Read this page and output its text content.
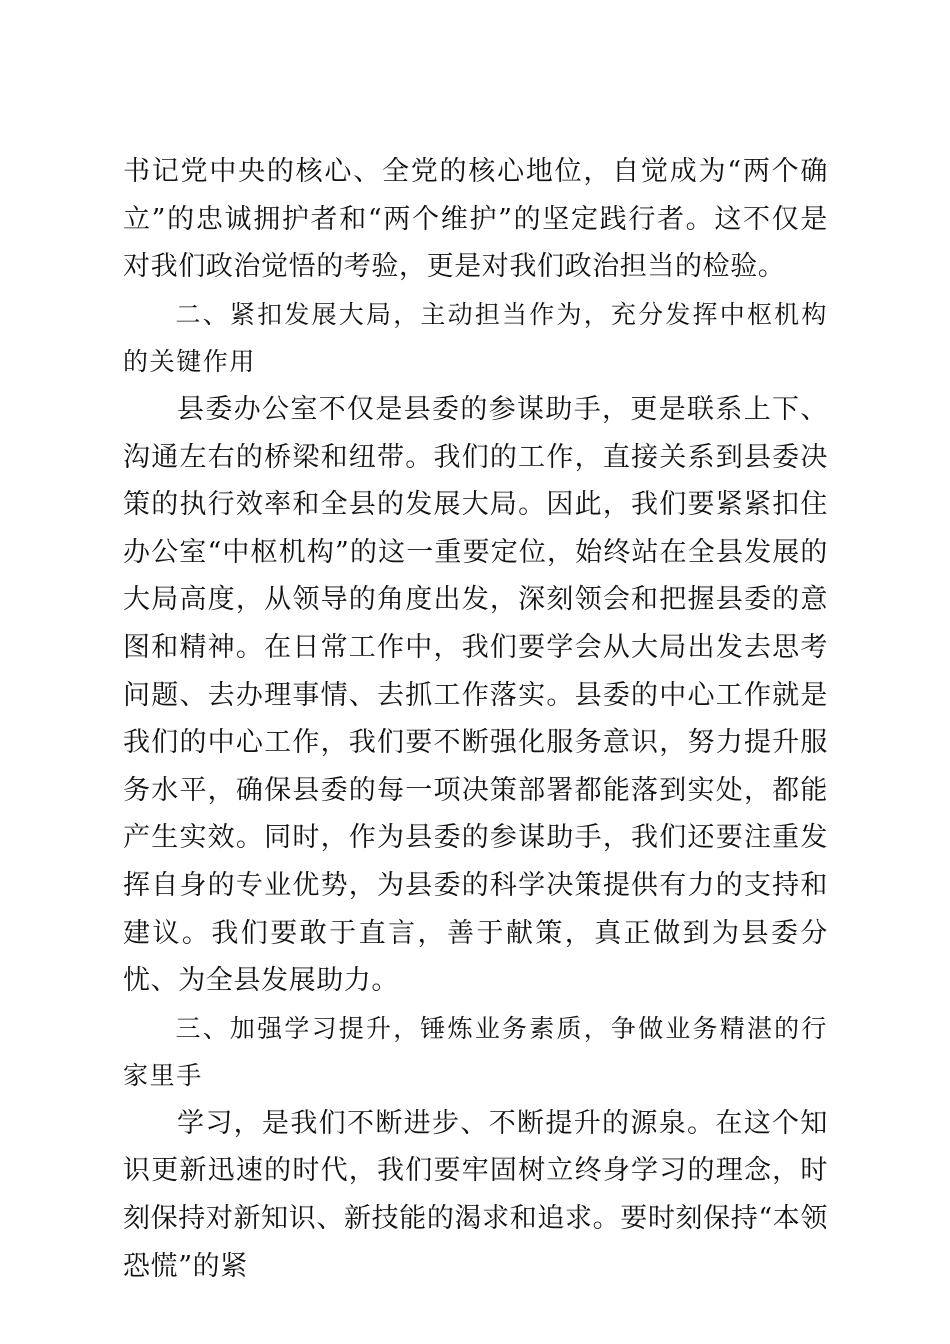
书记党中央的核心、全党的核心地位，自觉成为“两个确立”的忠诚拥护者和“两个维护”的坚定践行者。这不仅是对我们政治觉悟的考验，更是对我们政治担当的检验。

二、紧扣发展大局，主动担当作为，充分发挥中枢机构的关键作用

县委办公室不仅是县委的参谋助手，更是联系上下、沟通左右的桥梁和纽带。我们的工作，直接关系到县委决策的执行效率和全县的发展大局。因此，我们要紧紧扣住办公室“中枢机构”的这一重要定位，始终站在全县发展的大局高度，从领导的角度出发，深刻领会和把握县委的意图和精神。在日常工作中，我们要学会从大局出发去思考问题、去办理事情、去抓工作落实。县委的中心工作就是我们的中心工作，我们要不断强化服务意识，努力提升服务水平，确保县委的每一项决策部署都能落到实处，都能产生实效。同时，作为县委的参谋助手，我们还要注重发挥自身的专业优势，为县委的科学决策提供有力的支持和建议。我们要敢于直言，善于献策，真正做到为县委分忧、为全县发展助力。

三、加强学习提升，锤炼业务素质，争做业务精湛的行家里手

学习，是我们不断进步、不断提升的源泉。在这个知识更新迅速的时代，我们要牢固树立终身学习的理念，时刻保持对新知识、新技能的渴求和追求。要时刻保持“本领恐慌”的紧
